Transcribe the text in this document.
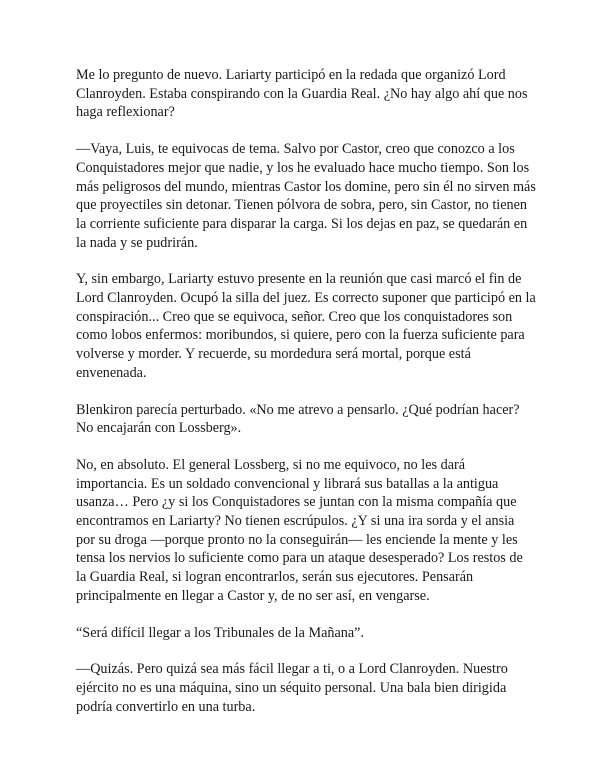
Me lo pregunto de nuevo. Lariarty participó en la redada que organizó Lord Clanroyden. Estaba conspirando con la Guardia Real. ¿No hay algo ahí que nos haga reflexionar?

—Vaya, Luis, te equivocas de tema. Salvo por Castor, creo que conozco a los Conquistadores mejor que nadie, y los he evaluado hace mucho tiempo. Son los más peligrosos del mundo, mientras Castor los domine, pero sin él no sirven más que proyectiles sin detonar. Tienen pólvora de sobra, pero, sin Castor, no tienen la corriente suficiente para disparar la carga. Si los dejas en paz, se quedarán en la nada y se pudrirán.

Y, sin embargo, Lariarty estuvo presente en la reunión que casi marcó el fin de Lord Clanroyden. Ocupó la silla del juez. Es correcto suponer que participó en la conspiración... Creo que se equivoca, señor. Creo que los conquistadores son como lobos enfermos: moribundos, si quiere, pero con la fuerza suficiente para volverse y morder. Y recuerde, su mordedura será mortal, porque está envenenada.

Blenkiron parecía perturbado. «No me atrevo a pensarlo. ¿Qué podrían hacer? No encajarán con Lossberg».

No, en absoluto. El general Lossberg, si no me equivoco, no les dará importancia. Es un soldado convencional y librará sus batallas a la antigua usanza… Pero ¿y si los Conquistadores se juntan con la misma compañía que encontramos en Lariarty? No tienen escrúpulos. ¿Y si una ira sorda y el ansia por su droga —porque pronto no la conseguirán— les enciende la mente y les tensa los nervios lo suficiente como para un ataque desesperado? Los restos de la Guardia Real, si logran encontrarlos, serán sus ejecutores. Pensarán principalmente en llegar a Castor y, de no ser así, en vengarse.

“Será difícil llegar a los Tribunales de la Mañana”.

—Quizás. Pero quizá sea más fácil llegar a ti, o a Lord Clanroyden. Nuestro ejército no es una máquina, sino un séquito personal. Una bala bien dirigida podría convertirlo en una turba.
